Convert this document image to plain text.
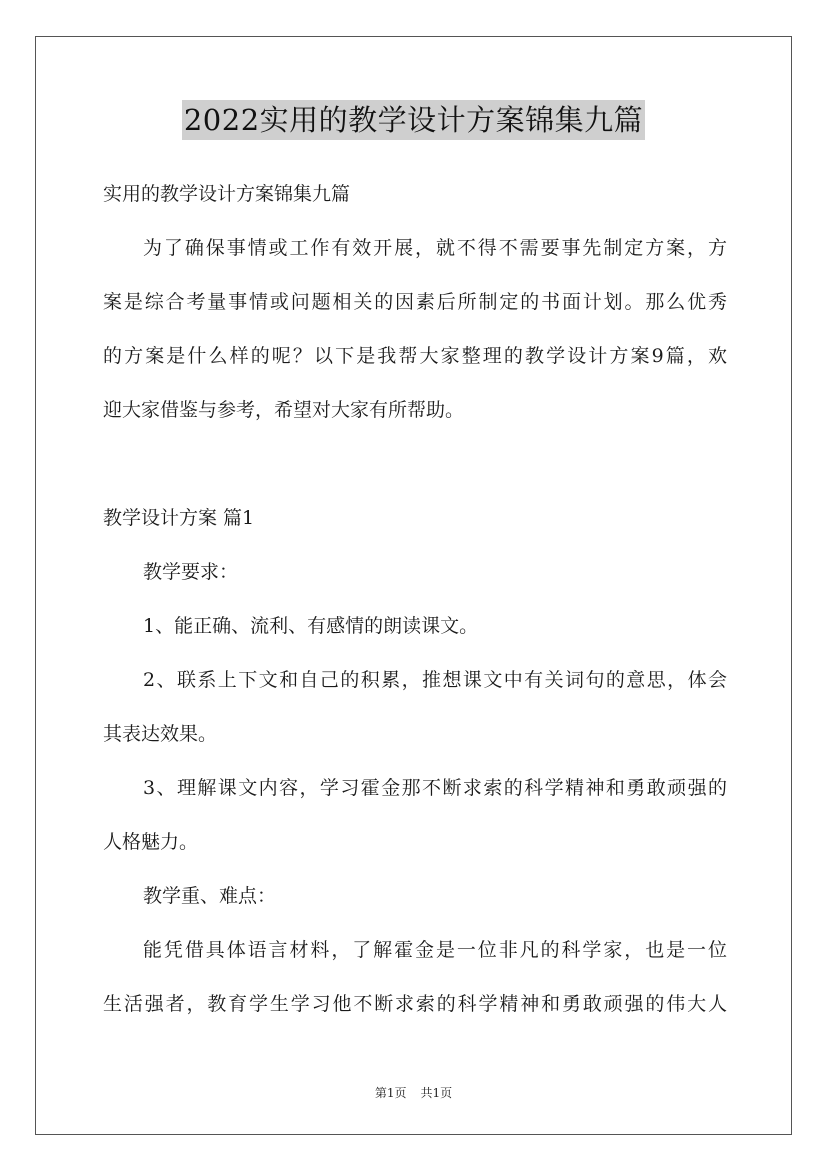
2022实用的教学设计方案锦集九篇
实用的教学设计方案锦集九篇
为了确保事情或工作有效开展，就不得不需要事先制定方案，方
案是综合考量事情或问题相关的因素后所制定的书面计划。那么优秀
的方案是什么样的呢？以下是我帮大家整理的教学设计方案9篇，欢
迎大家借鉴与参考，希望对大家有所帮助。
教学设计方案 篇1
教学要求：
1、能正确、流利、有感情的朗读课文。
2、联系上下文和自己的积累，推想课文中有关词句的意思，体会
其表达效果。
3、理解课文内容，学习霍金那不断求索的科学精神和勇敢顽强的
人格魅力。
教学重、难点：
能凭借具体语言材料，了解霍金是一位非凡的科学家，也是一位
生活强者，教育学生学习他不断求索的科学精神和勇敢顽强的伟大人
第1页 共1页
